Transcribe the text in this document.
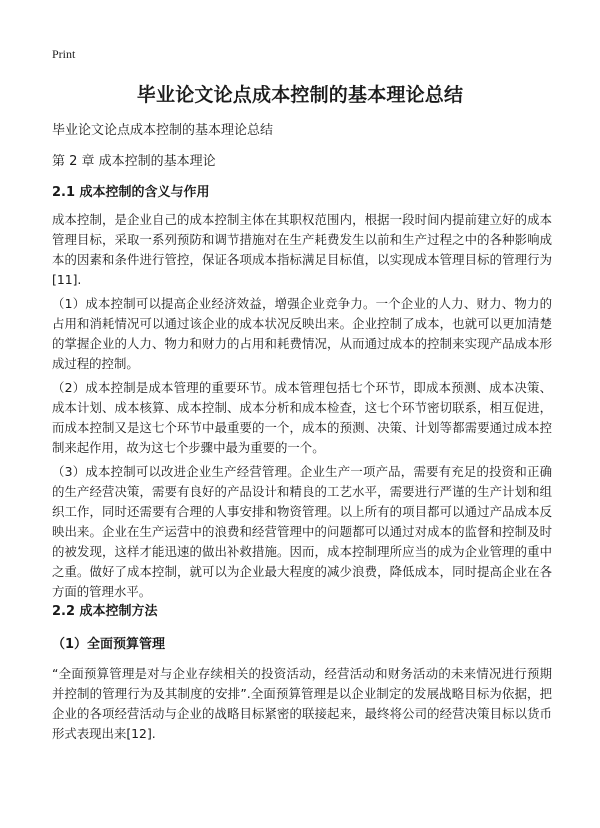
Print
毕业论文论点成本控制的基本理论总结

毕业论文论点成本控制的基本理论总结

第 2 章 成本控制的基本理论

2.1 成本控制的含义与作用

成本控制，是企业自己的成本控制主体在其职权范围内，根据一段时间内提前建立好的成本管理目标，采取一系列预防和调节措施对在生产耗费发生以前和生产过程之中的各种影响成本的因素和条件进行管控，保证各项成本指标满足目标值，以实现成本管理目标的管理行为[11].

（1）成本控制可以提高企业经济效益，增强企业竞争力。一个企业的人力、财力、物力的占用和消耗情况可以通过该企业的成本状况反映出来。企业控制了成本，也就可以更加清楚的掌握企业的人力、物力和财力的占用和耗费情况，从而通过成本的控制来实现产品成本形成过程的控制。

（2）成本控制是成本管理的重要环节。成本管理包括七个环节，即成本预测、成本决策、成本计划、成本核算、成本控制、成本分析和成本检查，这七个环节密切联系，相互促进，而成本控制又是这七个环节中最重要的一个，成本的预测、决策、计划等都需要通过成本控制来起作用，故为这七个步骤中最为重要的一个。

（3）成本控制可以改进企业生产经营管理。企业生产一项产品，需要有充足的投资和正确的生产经营决策，需要有良好的产品设计和精良的工艺水平，需要进行严谨的生产计划和组织工作，同时还需要有合理的人事安排和物资管理。以上所有的项目都可以通过产品成本反映出来。企业在生产运营中的浪费和经营管理中的问题都可以通过对成本的监督和控制及时的被发现，这样才能迅速的做出补救措施。因而，成本控制理所应当的成为企业管理的重中之重。做好了成本控制，就可以为企业最大程度的减少浪费，降低成本，同时提高企业在各方面的管理水平。

2.2 成本控制方法

（1）全面预算管理

“全面预算管理是对与企业存续相关的投资活动，经营活动和财务活动的未来情况进行预期并控制的管理行为及其制度的安排”.全面预算管理是以企业制定的发展战略目标为依据，把企业的各项经营活动与企业的战略目标紧密的联接起来，最终将公司的经营决策目标以货币形式表现出来[12].
